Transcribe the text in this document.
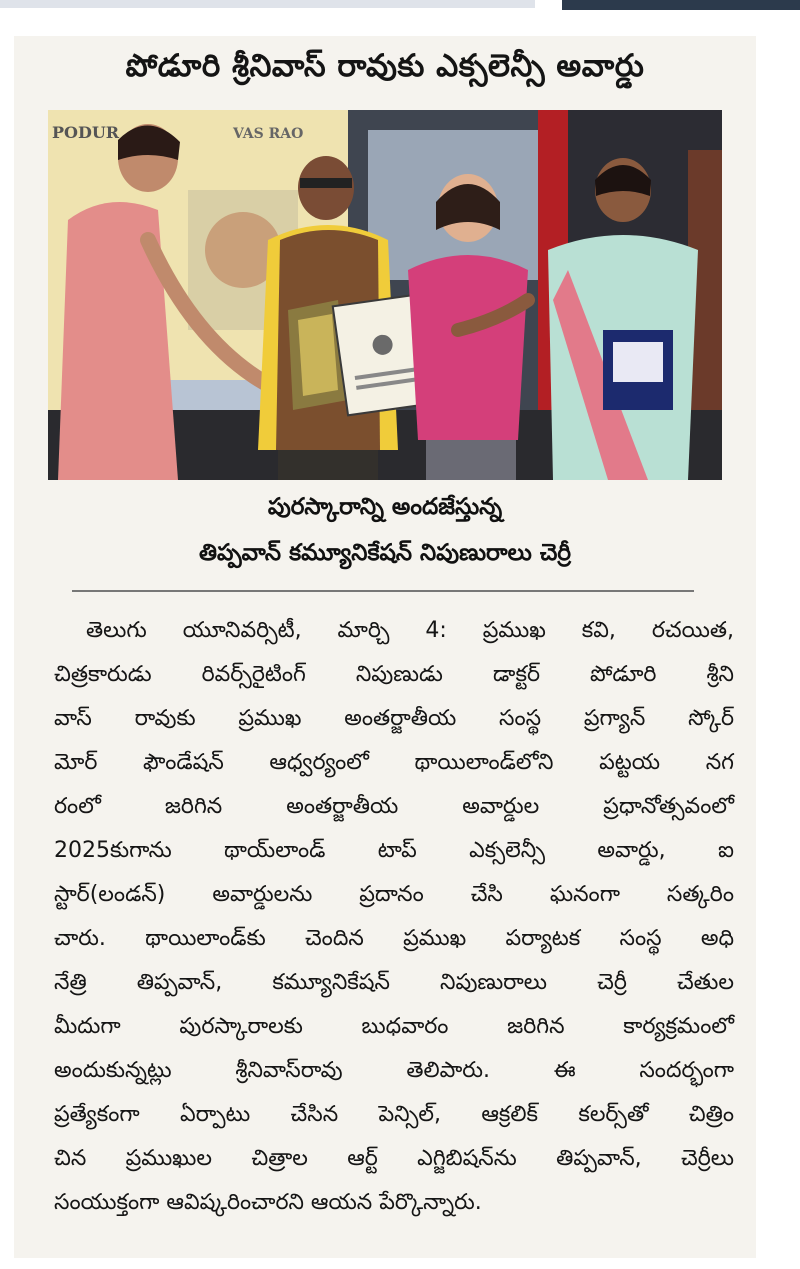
పోడూరి శ్రీనివాస్ రావుకు ఎక్సలెన్సీ అవార్డు
PODUR	VAS RAO
పురస్కారాన్ని అందజేస్తున్న
తిప్పవాన్ కమ్యూనికేషన్ నిపుణురాలు చెర్రీ
తెలుగు యూనివర్సిటీ, మార్చి 4: ప్రముఖ కవి, రచయిత,
చిత్రకారుడు రివర్స్‌రైటింగ్ నిపుణుడు డాక్టర్ పోడూరి శ్రీని
వాస్ రావుకు ప్రముఖ అంతర్జాతీయ సంస్థ ప్రగ్యాన్ స్కోర్
మోర్ ఫౌండేషన్ ఆధ్వర్యంలో థాయిలాండ్‌లోని పట్టయ నగ
రంలో జరిగిన అంతర్జాతీయ అవార్డుల ప్రధానోత్సవంలో
2025కుగాను థాయ్‌లాండ్ టాప్ ఎక్సలెన్సీ అవార్డు, ఐ
స్టార్(లండన్) అవార్డులను ప్రదానం చేసి ఘనంగా సత్కరిం
చారు. థాయిలాండ్‌కు చెందిన ప్రముఖ పర్యాటక సంస్థ అధి
నేత్రి తిప్పవాన్, కమ్యూనికేషన్ నిపుణురాలు చెర్రీ చేతుల
మీదుగా పురస్కారాలకు బుధవారం జరిగిన కార్యక్రమంలో
అందుకున్నట్లు శ్రీనివాస్‌రావు తెలిపారు. ఈ సందర్భంగా
ప్రత్యేకంగా ఏర్పాటు చేసిన పెన్సిల్, ఆక్రలిక్ కలర్స్‌తో చిత్రిం
చిన ప్రముఖుల చిత్రాల ఆర్ట్ ఎగ్జిబిషన్‌ను తిప్పవాన్, చెర్రీలు
సంయుక్తంగా ఆవిష్కరించారని ఆయన పేర్కొన్నారు.
